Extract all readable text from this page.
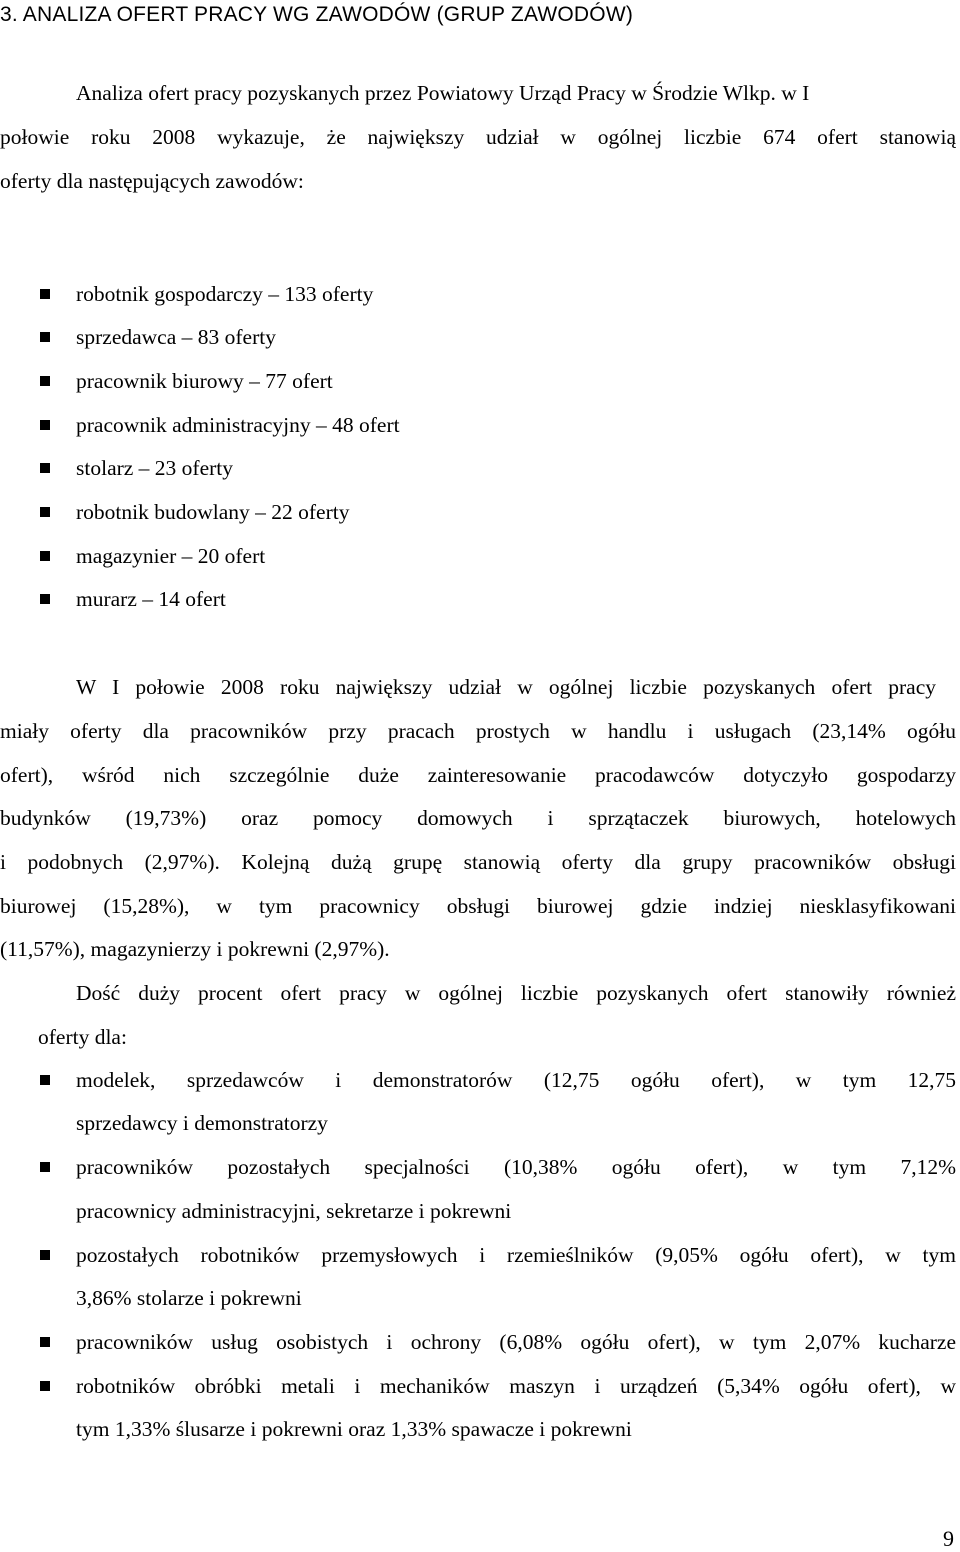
3. ANALIZA OFERT PRACY WG ZAWODÓW (GRUP ZAWODÓW)
Analiza ofert pracy pozyskanych przez Powiatowy Urząd Pracy w Środzie Wlkp. w I
połowie roku 2008 wykazuje, że największy udział w ogólnej liczbie 674 ofert stanowią
oferty dla następujących zawodów:
robotnik gospodarczy – 133 oferty
sprzedawca – 83 oferty
pracownik biurowy – 77 ofert
pracownik administracyjny – 48 ofert
stolarz – 23 oferty
robotnik budowlany – 22 oferty
magazynier – 20 ofert
murarz – 14 ofert
W I połowie 2008 roku największy udział w ogólnej liczbie pozyskanych ofert pracy
miały oferty dla pracowników przy pracach prostych w handlu i usługach (23,14% ogółu
ofert), wśród nich szczególnie duże zainteresowanie pracodawców dotyczyło gospodarzy
budynków (19,73%) oraz pomocy domowych i sprzątaczek biurowych, hotelowych
i podobnych (2,97%). Kolejną dużą grupę stanowią oferty dla grupy pracowników obsługi
biurowej (15,28%), w tym pracownicy obsługi biurowej gdzie indziej niesklasyfikowani
(11,57%), magazynierzy i pokrewni (2,97%).
Dość duży procent ofert pracy w ogólnej liczbie pozyskanych ofert stanowiły również
oferty dla:
modelek, sprzedawców i demonstratorów (12,75 ogółu ofert), w tym 12,75
sprzedawcy i demonstratorzy
pracowników pozostałych specjalności (10,38% ogółu ofert), w tym 7,12%
pracownicy administracyjni, sekretarze i pokrewni
pozostałych robotników przemysłowych i rzemieślników (9,05% ogółu ofert), w tym
3,86% stolarze i pokrewni
pracowników usług osobistych i ochrony (6,08% ogółu ofert), w tym 2,07% kucharze
robotników obróbki metali i mechaników maszyn i urządzeń (5,34% ogółu ofert), w
tym 1,33% ślusarze i pokrewni oraz 1,33% spawacze i pokrewni
9
